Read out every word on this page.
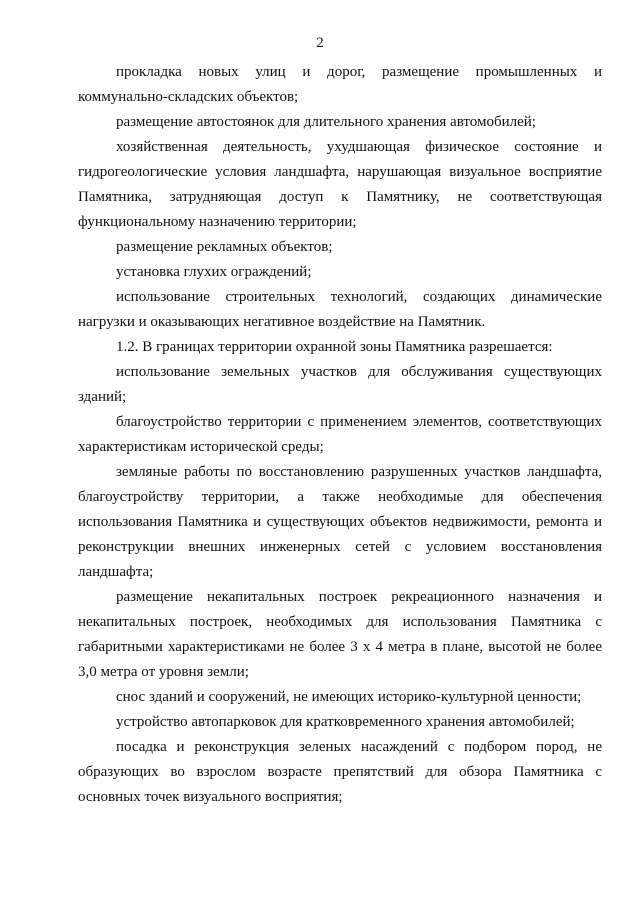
2

прокладка новых улиц и дорог, размещение промышленных и коммунально-складских объектов;

размещение автостоянок для длительного хранения автомобилей;

хозяйственная деятельность, ухудшающая физическое состояние и гидрогеологические условия ландшафта, нарушающая визуальное восприятие Памятника, затрудняющая доступ к Памятнику, не соответствующая функциональному назначению территории;

размещение рекламных объектов;

установка глухих ограждений;

использование строительных технологий, создающих динамические нагрузки и оказывающих негативное воздействие на Памятник.

1.2. В границах территории охранной зоны Памятника разрешается:

использование земельных участков для обслуживания существующих зданий;

благоустройство территории с применением элементов, соответствующих характеристикам исторической среды;

земляные работы по восстановлению разрушенных участков ландшафта, благоустройству территории, а также необходимые для обеспечения использования Памятника и существующих объектов недвижимости, ремонта и реконструкции внешних инженерных сетей с условием восстановления ландшафта;

размещение некапитальных построек рекреационного назначения и некапитальных построек, необходимых для использования Памятника с габаритными характеристиками не более 3 х 4 метра в плане, высотой не более 3,0 метра от уровня земли;

снос зданий и сооружений, не имеющих историко-культурной ценности;

устройство автопарковок для кратковременного хранения автомобилей;

посадка и реконструкция зеленых насаждений с подбором пород, не образующих во взрослом возрасте препятствий для обзора Памятника с основных точек визуального восприятия;
